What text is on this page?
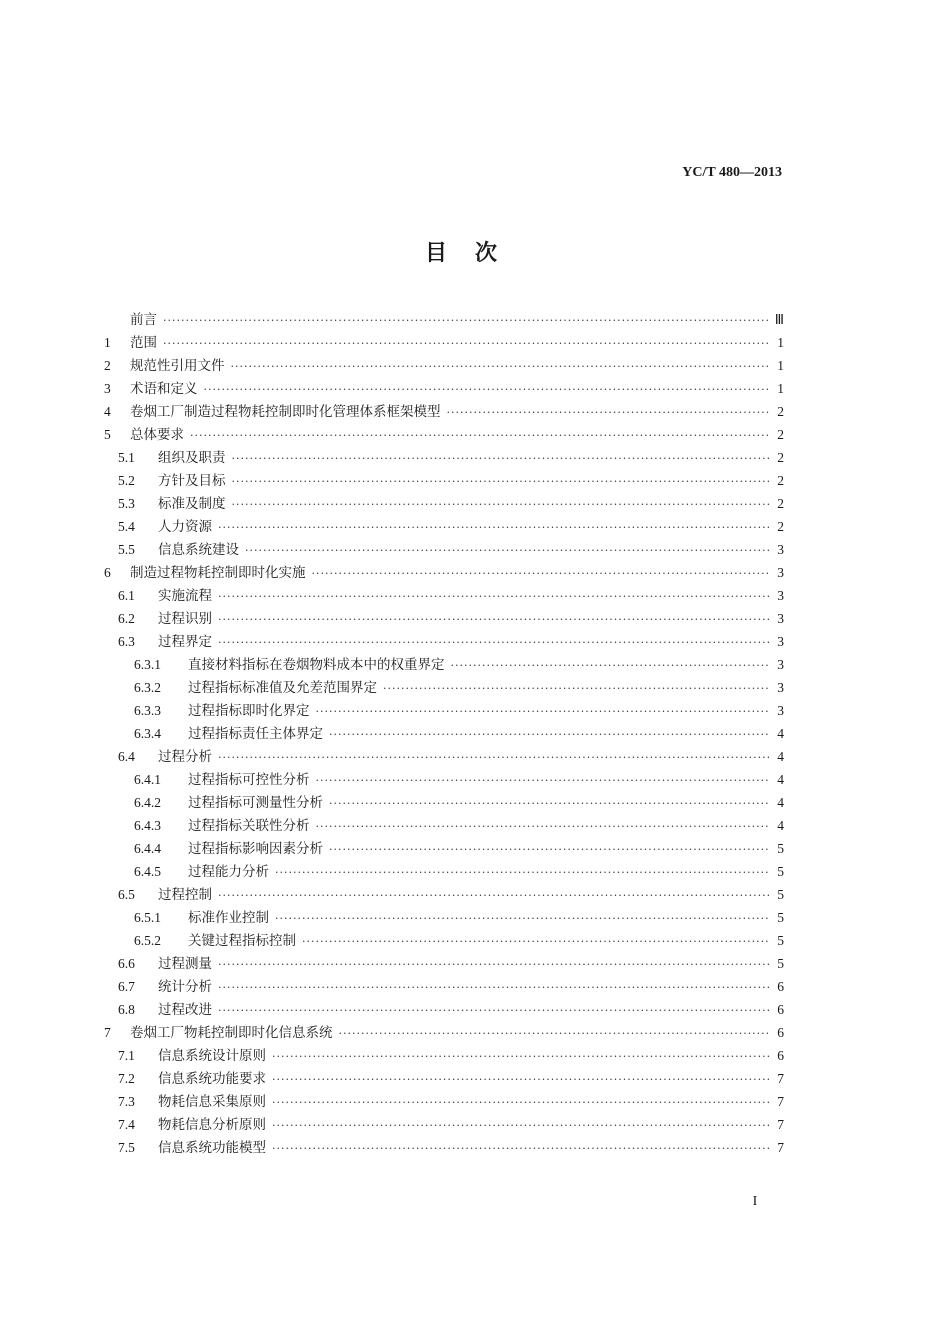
YC/T 480—2013
目次
前言 ·····	Ⅲ
1	范围 ·····	1
2	规范性引用文件 ·····	1
3	术语和定义 ·····	1
4	卷烟工厂制造过程物耗控制即时化管理体系框架模型 ·····	2
5	总体要求 ·····	2
5.1	组织及职责 ·····	2
5.2	方针及目标 ·····	2
5.3	标准及制度 ·····	2
5.4	人力资源 ·····	2
5.5	信息系统建设 ·····	3
6	制造过程物耗控制即时化实施 ·····	3
6.1	实施流程 ·····	3
6.2	过程识别 ·····	3
6.3	过程界定 ·····	3
6.3.1	直接材料指标在卷烟物料成本中的权重界定 ·····	3
6.3.2	过程指标标准值及允差范围界定 ·····	3
6.3.3	过程指标即时化界定 ·····	3
6.3.4	过程指标责任主体界定 ·····	4
6.4	过程分析 ·····	4
6.4.1	过程指标可控性分析 ·····	4
6.4.2	过程指标可测量性分析 ·····	4
6.4.3	过程指标关联性分析 ·····	4
6.4.4	过程指标影响因素分析 ·····	5
6.4.5	过程能力分析 ·····	5
6.5	过程控制 ·····	5
6.5.1	标准作业控制 ·····	5
6.5.2	关键过程指标控制 ·····	5
6.6	过程测量 ·····	5
6.7	统计分析 ·····	6
6.8	过程改进 ·····	6
7	卷烟工厂物耗控制即时化信息系统 ·····	6
7.1	信息系统设计原则 ·····	6
7.2	信息系统功能要求 ·····	7
7.3	物耗信息采集原则 ·····	7
7.4	物耗信息分析原则 ·····	7
7.5	信息系统功能模型 ·····	7
I
